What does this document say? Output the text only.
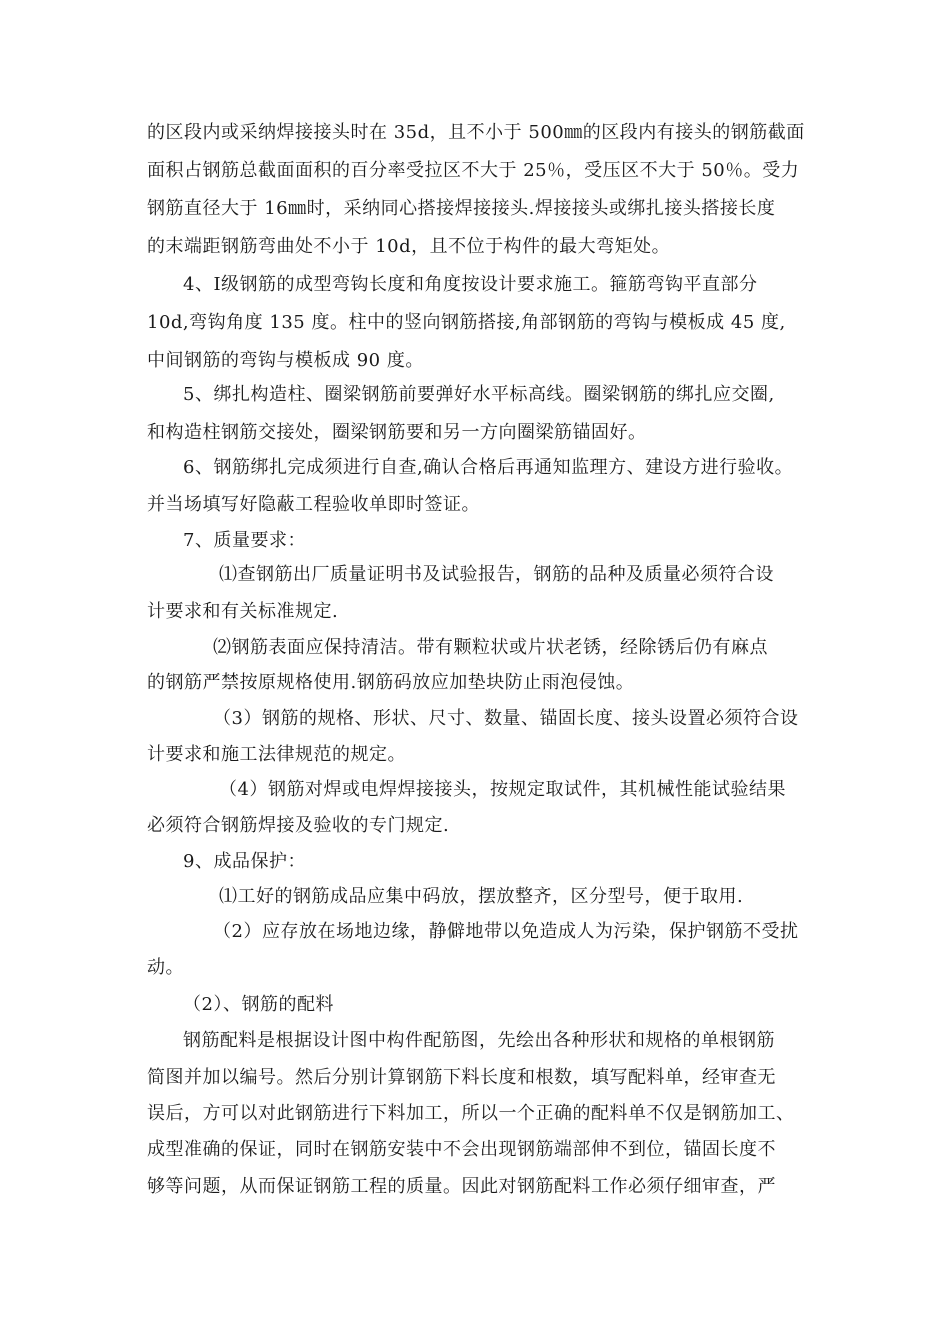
的区段内或采纳焊接接头时在 35d，且不小于 500㎜的区段内有接头的钢筋截面
面积占钢筋总截面面积的百分率受拉区不大于 25％，受压区不大于 50％。受力
钢筋直径大于 16㎜时，采纳同心搭接焊接接头.焊接接头或绑扎接头搭接长度
的末端距钢筋弯曲处不小于 10d，且不位于构件的最大弯矩处。
4、I级钢筋的成型弯钩长度和角度按设计要求施工。箍筋弯钩平直部分
10d,弯钩角度 135 度。柱中的竖向钢筋搭接,角部钢筋的弯钩与模板成 45 度,
中间钢筋的弯钩与模板成 90 度。
5、绑扎构造柱、圈梁钢筋前要弹好水平标高线。圈梁钢筋的绑扎应交圈,
和构造柱钢筋交接处，圈梁钢筋要和另一方向圈梁筋锚固好。
6、钢筋绑扎完成须进行自查,确认合格后再通知监理方、建设方进行验收。
并当场填写好隐蔽工程验收单即时签证。
7、质量要求：
⑴查钢筋出厂质量证明书及试验报告，钢筋的品种及质量必须符合设
计要求和有关标准规定.
⑵钢筋表面应保持清洁。带有颗粒状或片状老锈，经除锈后仍有麻点
的钢筋严禁按原规格使用.钢筋码放应加垫块防止雨泡侵蚀。
（3）钢筋的规格、形状、尺寸、数量、锚固长度、接头设置必须符合设
计要求和施工法律规范的规定。
（4）钢筋对焊或电焊焊接接头，按规定取试件，其机械性能试验结果
必须符合钢筋焊接及验收的专门规定.
9、成品保护：
⑴工好的钢筋成品应集中码放，摆放整齐，区分型号，便于取用.
（2）应存放在场地边缘，静僻地带以免造成人为污染，保护钢筋不受扰
动。
（2）、钢筋的配料
钢筋配料是根据设计图中构件配筋图，先绘出各种形状和规格的单根钢筋
简图并加以编号。然后分别计算钢筋下料长度和根数，填写配料单，经审查无
误后，方可以对此钢筋进行下料加工，所以一个正确的配料单不仅是钢筋加工、
成型准确的保证，同时在钢筋安装中不会出现钢筋端部伸不到位，锚固长度不
够等问题，从而保证钢筋工程的质量。因此对钢筋配料工作必须仔细审查，严
